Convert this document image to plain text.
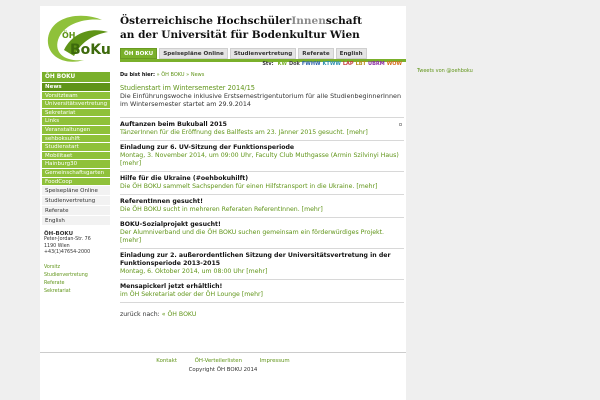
ÖH
BoKu
Österreichische HochschülerInnenschaft
an der Universität für Bodenkultur Wien
ÖH BOKU	Speisepläne Online	Studienvertretung	Referate	English
Stv: KW Dok FWHW KTWW LAP LBT UBRM WOW
ÖH BOKU
News
Vorsitzteam
Universitätsvertretung
Sekretariat
Links
Veranstaltungen
sehboksuhlft
Studienstart
Mobilitaet
Hainburg30
Gemeinschaftsgarten
FoodCoop
Speisepläne Online
Studienvertretung
Referate
English
ÖH-BOKU
Peter-Jordan-Str. 76
1190 Wien
+43(1)47654-2000
Vorsitz
Studienvertretung
Referate
Sekretariat
Du bist hier: » ÖH BOKU » News
Studienstart im Wintersemester 2014/15
Die Einführungswoche inklusive Erstsemestrigentutorium für alle StudienbeginnerInnen im Wintersemester startet am 29.9.2014
Auftanzen beim Bukuball 2015
TänzerInnen für die Eröffnung des Ballfests am 23. Jänner 2015 gesucht. [mehr]
Einladung zur 6. UV-Sitzung der Funktionsperiode
Montag, 3. November 2014, um 09:00 Uhr, Faculty Club Muthgasse (Armin Szilvinyi Haus) [mehr]
Hilfe für die Ukraine (#oehbokuhilft)
Die ÖH BOKU sammelt Sachspenden für einen Hilfstransport in die Ukraine. [mehr]
ReferentInnen gesucht!
Die ÖH BOKU sucht in mehreren Referaten ReferentInnen. [mehr]
BOKU-Sozialprojekt gesucht!
Der Alumniverband und die ÖH BOKU suchen gemeinsam ein förderwürdiges Projekt. [mehr]
Einladung zur 2. außerordentlichen Sitzung der Universitätsvertretung in der Funktionsperiode 2013-2015
Montag, 6. Oktober 2014, um 08:00 Uhr [mehr]
Mensapickerl jetzt erhältlich!
im ÖH Sekretariat oder der ÖH Lounge [mehr]
zurück nach: « ÖH BOKU
Tweets von @oehboku
Kontakt	ÖH-Verteilerlisten	Impressum
Copyright ÖH BOKU 2014
